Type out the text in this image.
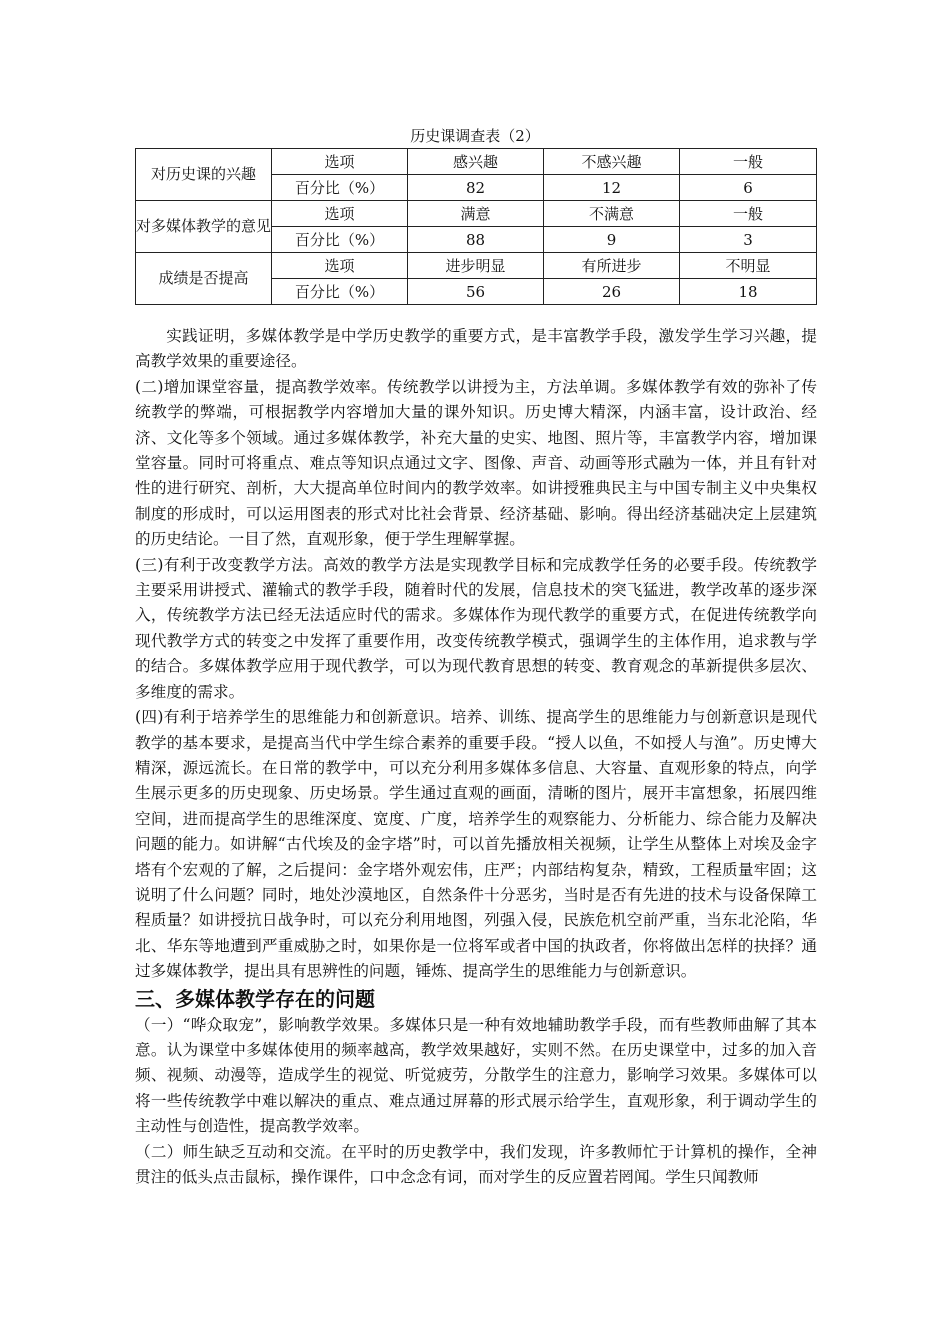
历史课调查表（2）
对历史课的兴趣	选项	感兴趣	不感兴趣	一般
	百分比（%）	82	12	6
对多媒体教学的意见	选项	满意	不满意	一般
	百分比（%）	88	9	3
成绩是否提高	选项	进步明显	有所进步	不明显
	百分比（%）	56	26	18

实践证明，多媒体教学是中学历史教学的重要方式，是丰富教学手段，激发学生学习兴趣，提高教学效果的重要途径。

(二)增加课堂容量，提高教学效率。传统教学以讲授为主，方法单调。多媒体教学有效的弥补了传统教学的弊端，可根据教学内容增加大量的课外知识。历史博大精深，内涵丰富，设计政治、经济、文化等多个领域。通过多媒体教学，补充大量的史实、地图、照片等，丰富教学内容，增加课堂容量。同时可将重点、难点等知识点通过文字、图像、声音、动画等形式融为一体，并且有针对性的进行研究、剖析，大大提高单位时间内的教学效率。如讲授雅典民主与中国专制主义中央集权制度的形成时，可以运用图表的形式对比社会背景、经济基础、影响。得出经济基础决定上层建筑的历史结论。一目了然，直观形象，便于学生理解掌握。

(三)有利于改变教学方法。高效的教学方法是实现教学目标和完成教学任务的必要手段。传统教学主要采用讲授式、灌输式的教学手段，随着时代的发展，信息技术的突飞猛进，教学改革的逐步深入，传统教学方法已经无法适应时代的需求。多媒体作为现代教学的重要方式，在促进传统教学向现代教学方式的转变之中发挥了重要作用，改变传统教学模式，强调学生的主体作用，追求教与学的结合。多媒体教学应用于现代教学，可以为现代教育思想的转变、教育观念的革新提供多层次、多维度的需求。

(四)有利于培养学生的思维能力和创新意识。培养、训练、提高学生的思维能力与创新意识是现代教学的基本要求，是提高当代中学生综合素养的重要手段。“授人以鱼，不如授人与渔”。历史博大精深，源远流长。在日常的教学中，可以充分利用多媒体多信息、大容量、直观形象的特点，向学生展示更多的历史现象、历史场景。学生通过直观的画面，清晰的图片，展开丰富想象，拓展四维空间，进而提高学生的思维深度、宽度、广度，培养学生的观察能力、分析能力、综合能力及解决问题的能力。如讲解“古代埃及的金字塔”时，可以首先播放相关视频，让学生从整体上对埃及金字塔有个宏观的了解，之后提问：金字塔外观宏伟，庄严；内部结构复杂，精致，工程质量牢固；这说明了什么问题？同时，地处沙漠地区，自然条件十分恶劣，当时是否有先进的技术与设备保障工程质量？如讲授抗日战争时，可以充分利用地图，列强入侵，民族危机空前严重，当东北沦陷，华北、华东等地遭到严重威胁之时，如果你是一位将军或者中国的执政者，你将做出怎样的抉择？通过多媒体教学，提出具有思辨性的问题，锤炼、提高学生的思维能力与创新意识。

三、多媒体教学存在的问题

（一）“哗众取宠”，影响教学效果。多媒体只是一种有效地辅助教学手段，而有些教师曲解了其本意。认为课堂中多媒体使用的频率越高，教学效果越好，实则不然。在历史课堂中，过多的加入音频、视频、动漫等，造成学生的视觉、听觉疲劳，分散学生的注意力，影响学习效果。多媒体可以将一些传统教学中难以解决的重点、难点通过屏幕的形式展示给学生，直观形象，利于调动学生的主动性与创造性，提高教学效率。

（二）师生缺乏互动和交流。在平时的历史教学中，我们发现，许多教师忙于计算机的操作，全神贯注的低头点击鼠标，操作课件，口中念念有词，而对学生的反应置若罔闻。学生只闻教师
